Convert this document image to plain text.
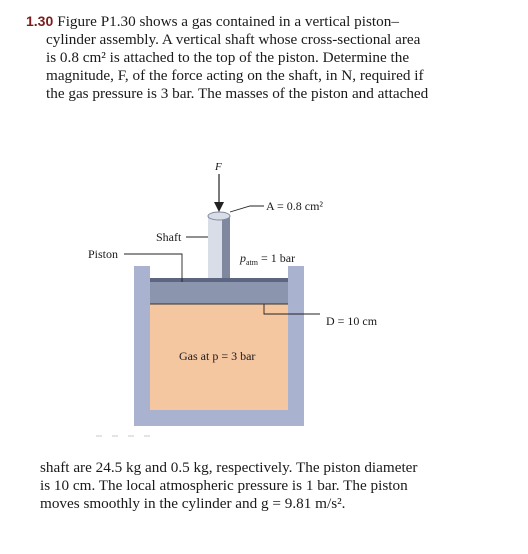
1.30 Figure P1.30 shows a gas contained in a vertical piston–
cylinder assembly. A vertical shaft whose cross-sectional area
is 0.8 cm² is attached to the top of the piston. Determine the
magnitude, F, of the force acting on the shaft, in N, required if
the gas pressure is 3 bar. The masses of the piston and attached
F
A = 0.8 cm²
Shaft
Piston	$p_{atm} = 1$ bar
D = 10 cm
Gas at p = 3 bar
shaft are 24.5 kg and 0.5 kg, respectively. The piston diameter
is 10 cm. The local atmospheric pressure is 1 bar. The piston
moves smoothly in the cylinder and g = 9.81 m/s².
